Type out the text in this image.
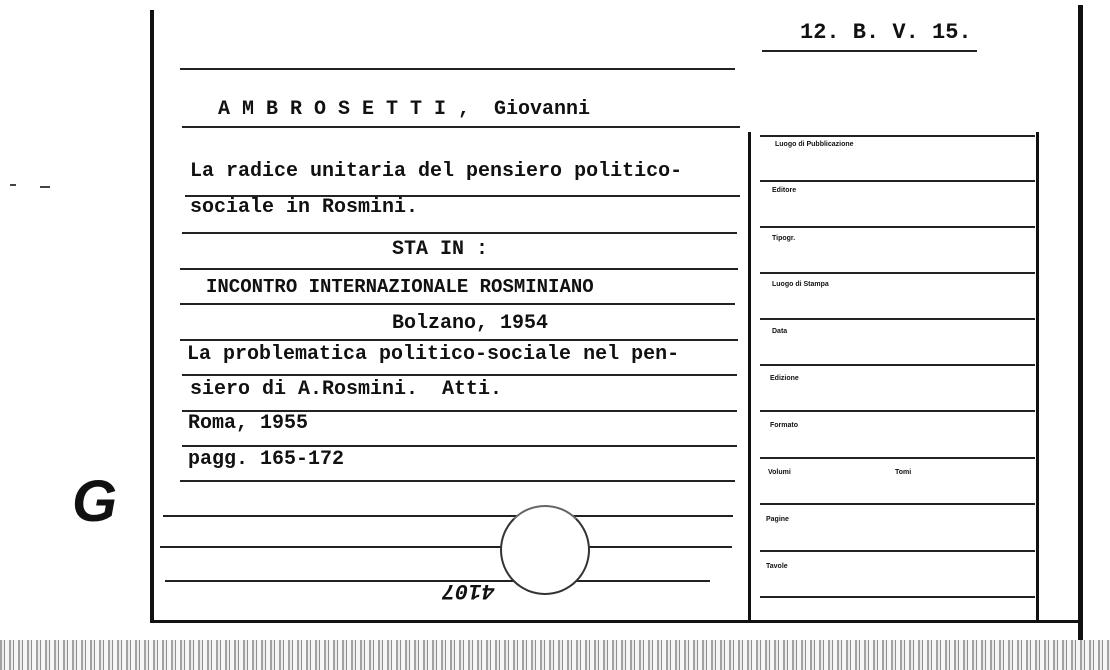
G
12. B. V. 15.
A M B R O S E T T I ,  Giovanni
La radice unitaria del pensiero politico-
sociale in Rosmini.
STA IN :
INCONTRO INTERNAZIONALE ROSMINIANO
Bolzano, 1954
La problematica politico-sociale nel pen-
siero di A.Rosmini.  Atti.
Roma, 1955
pagg. 165-172
4107
Luogo di Pubblicazione
Editore
Tipogr.
Luogo di Stampa
Data
Edizione
Formato
Volumi	Tomi
Pagine
Tavole
